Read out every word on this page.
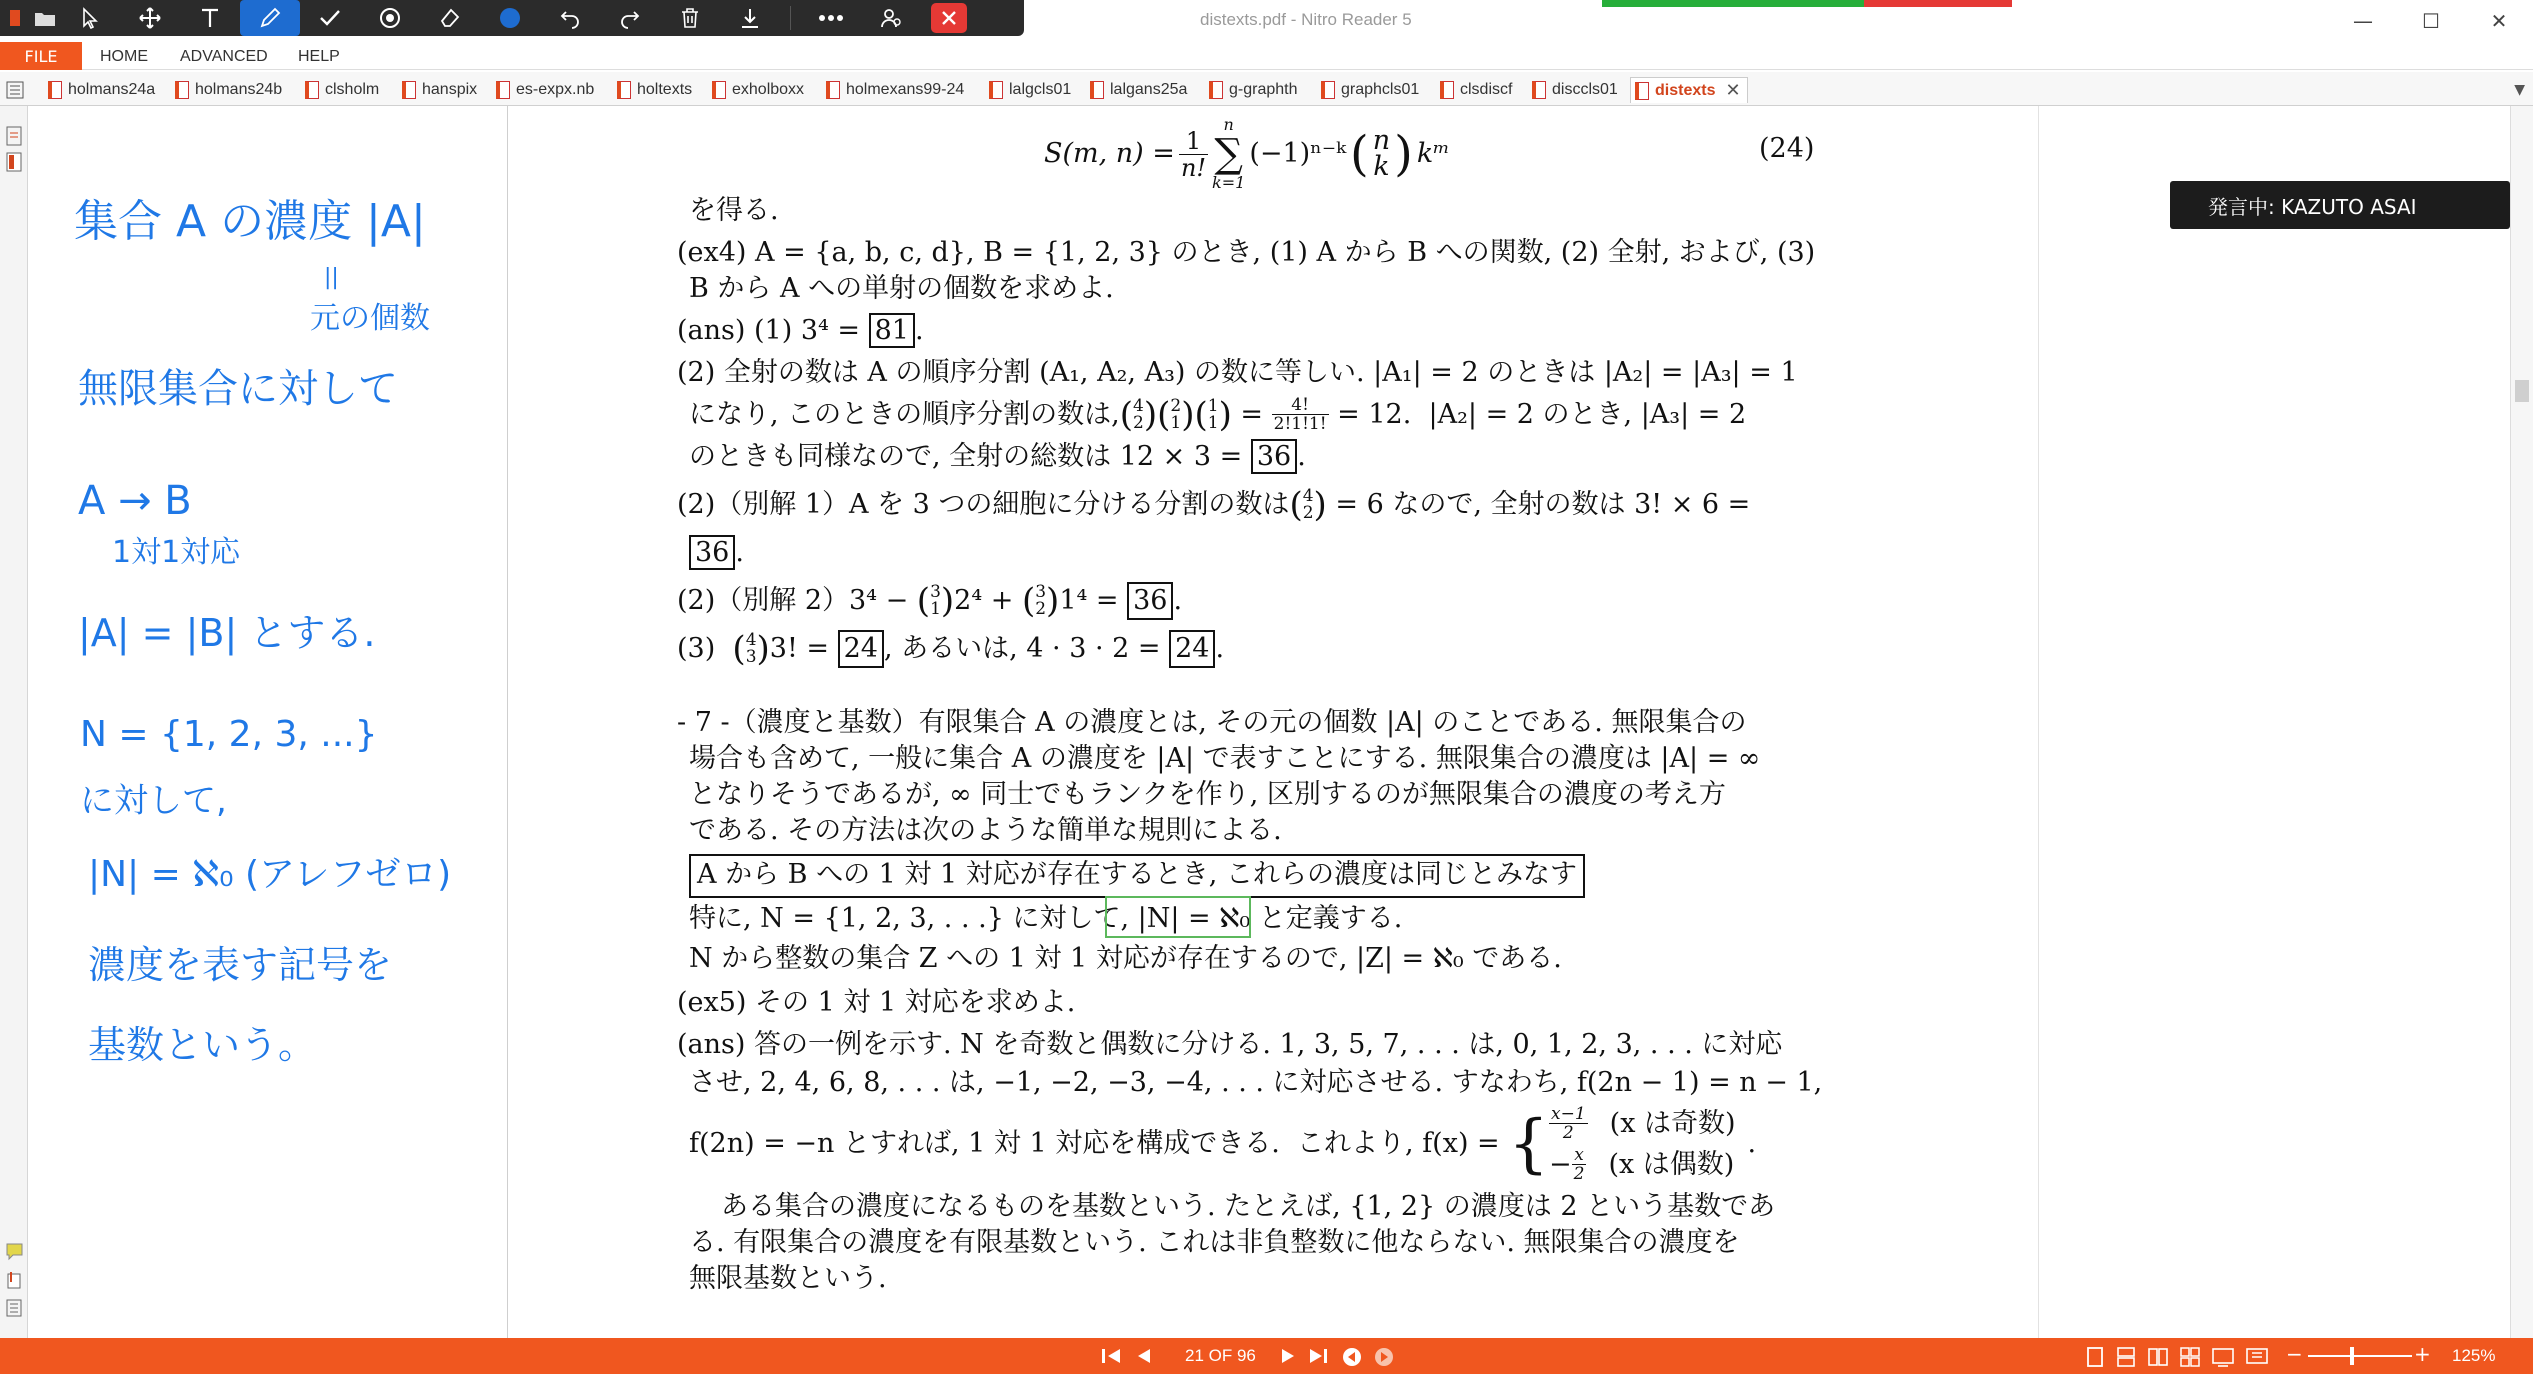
distexts.pdf - Nitro Reader 5	—	☐	✕
FILE	HOME ADVANCED HELP
holmans24a holmans24b	clsholm	hanspix es-expx.nb	holtexts exholboxx	holmexans99-24	lalgcls01 lalgans25a	g-graphth	graphcls01	clsdiscf disccls01 distexts ✕	▼
集合 A の濃度 |A|
||
元の個数
無限集合に対して
A → B
1対1対応
|A| = |B| とする.
N = {1, 2, 3, ...}
に対して,
|N| = ℵ₀ (アレフゼロ)
濃度を表す記号を
基数という。
S(m, $n) = \frac{1}{n!}$
n
∑
k=1
(−1)ⁿ⁻ᵏ ( n
k ) kᵐ	(24)
を得る.
(ex4) A = {a, b, c, d}, B = {1, 2, 3} のとき, (1) A から B への関数, (2) 全射, および, (3)
B から A への単射の個数を求めよ.
(ans) (1) 3⁴ = 81 .
(2) 全射の数は A の順序分割 (A₁, A₂, A₃) の数に等しい. |A₁| = 2 のときは |A₂| = |A₃| = 1
になり, このときの順序分割の数は, ( 4
2 ) ( 2
1 ) ( 1
1 ) = $\frac{4!}{2!1!1!} = 12$.  |A₂| = 2 のとき, |A₃| = 2
のときも同様なので, 全射の総数は 12 × 3 = 36 .
(2)（別解 1）A を 3 つの細胞に分ける分割の数は ( 4
2 ) = 6 なので, 全射の数は 3! × 6 =
36 .
(2)（別解 2）3⁴ − ( 3
1 ) 2⁴ + ( 3
2 ) 1⁴ = 36 .
(3) ( 4
3 ) 3! = 24 , あるいは, 4 · 3 · 2 = 24 .
- 7 -（濃度と基数）有限集合 A の濃度とは, その元の個数 |A| のことである. 無限集合の
場合も含めて, 一般に集合 A の濃度を |A| で表すことにする. 無限集合の濃度は |A| = ∞
となりそうであるが, ∞ 同士でもランクを作り, 区別するのが無限集合の濃度の考え方
である. その方法は次のような簡単な規則による.
A から B への 1 対 1 対応が存在するとき, これらの濃度は同じとみなす
特に, N = {1, 2, 3, . . .} に対して, |N| = ℵ₀ と定義する.
N から整数の集合 Z への 1 対 1 対応が存在するので, |Z| = ℵ₀ である.
(ex5) その 1 対 1 対応を求めよ.
(ans) 答の一例を示す. N を奇数と偶数に分ける. 1, 3, 5, 7, . . . は, 0, 1, 2, 3, . . . に対応
させ, 2, 4, 6, 8, . . . は, −1, −2, −3, −4, . . . に対応させる. すなわち, f(2n − 1) = n − 1,
f(2n) = −n とすれば, 1 対 1 対応を構成できる.  これより, f(x) = { $\frac{x-1}{2} (x$ は奇数)
− $\frac{x}{2} (x$ は偶数)
.
ある集合の濃度になるものを基数という. たとえば, {1, 2} の濃度は 2 という基数であ
る. 有限集合の濃度を有限基数という. これは非負整数に他ならない. 無限集合の濃度を
無限基数という.
発言中: KAZUTO ASAI
21 OF 96	−	+ 125%
